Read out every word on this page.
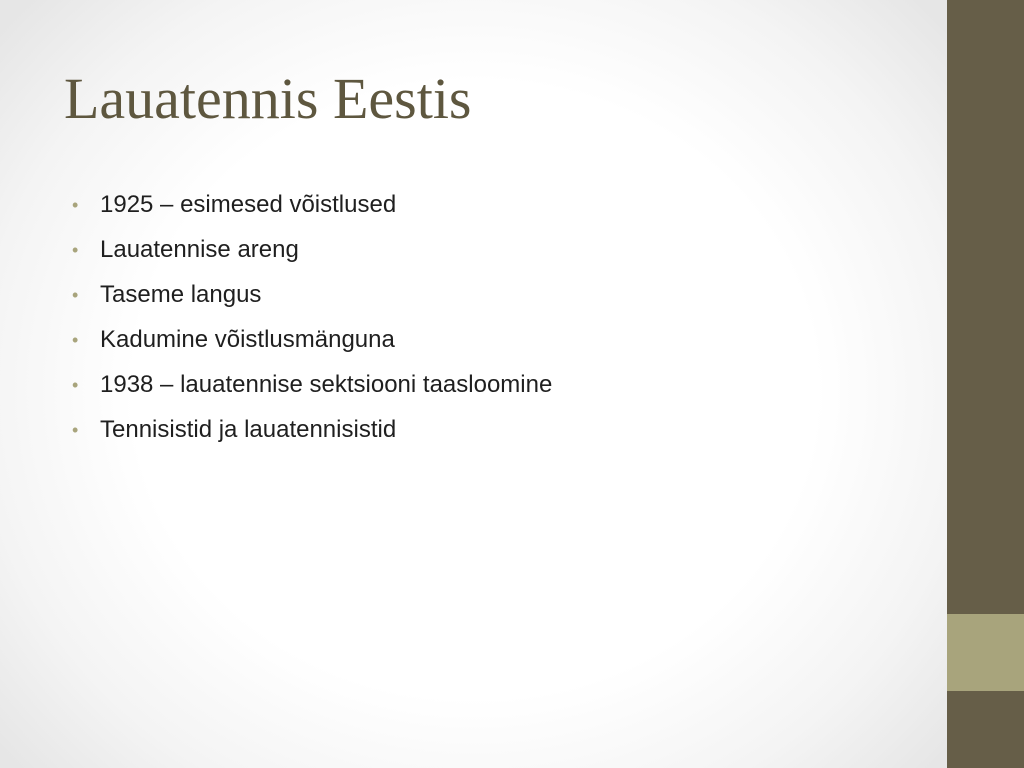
Lauatennis Eestis
• 1925 – esimesed võistlused
• Lauatennise areng
• Taseme langus
• Kadumine võistlusmänguna
• 1938 – lauatennise sektsiooni taasloomine
• Tennisistid ja lauatennisistid
